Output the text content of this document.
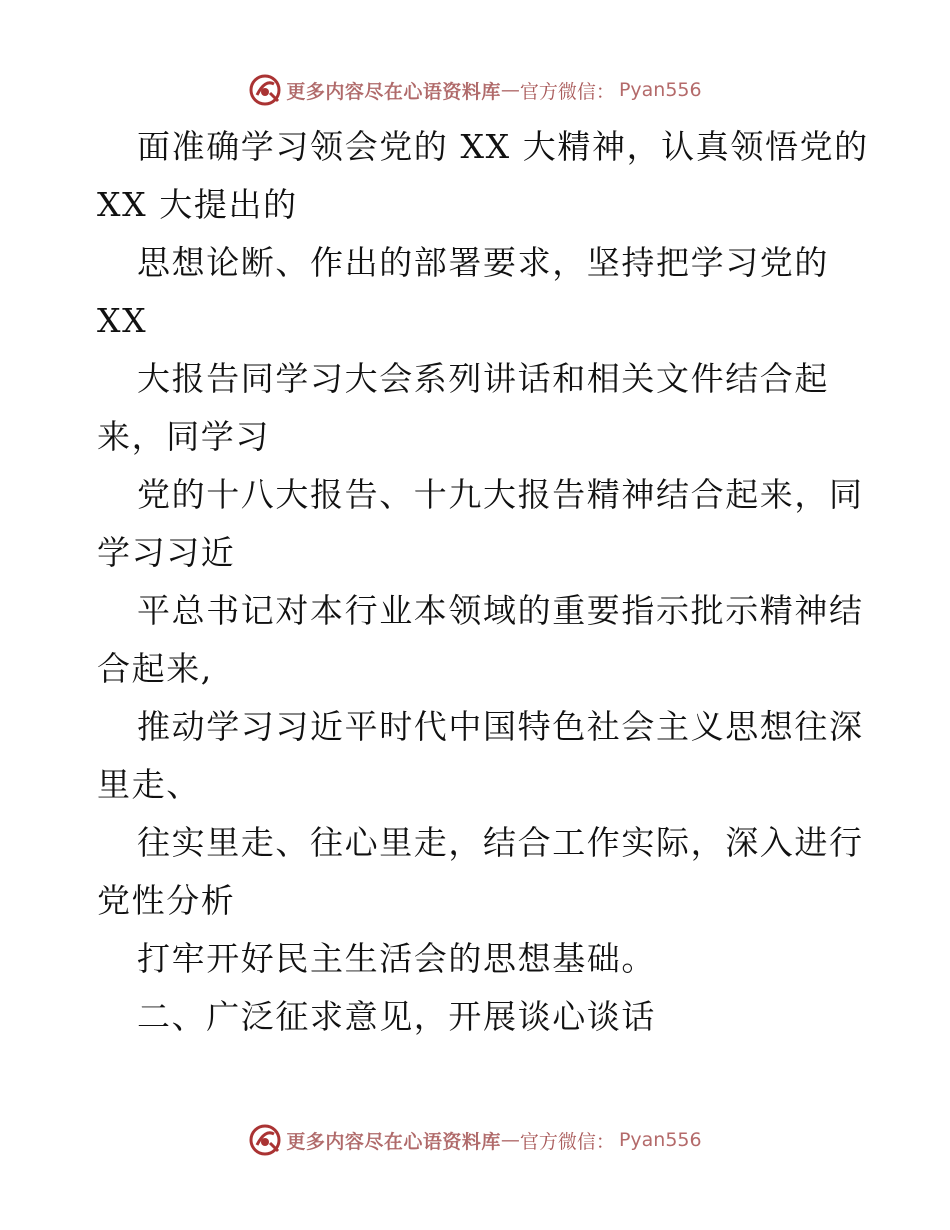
更多内容尽在心语资料库 — 官方微信： Pyan556
面准确学习领会党的 XX 大精神，认真领悟党的
XX 大提出的
思想论断、作出的部署要求，坚持把学习党的
XX
大报告同学习大会系列讲话和相关文件结合起
来，同学习
党的十八大报告、十九大报告精神结合起来，同
学习习近
平总书记对本行业本领域的重要指示批示精神结
合起来,
推动学习习近平时代中国特色社会主义思想往深
里走、
往实里走、往心里走，结合工作实际，深入进行
党性分析
打牢开好民主生活会的思想基础。
二、广泛征求意见，开展谈心谈话
更多内容尽在心语资料库 — 官方微信： Pyan556
